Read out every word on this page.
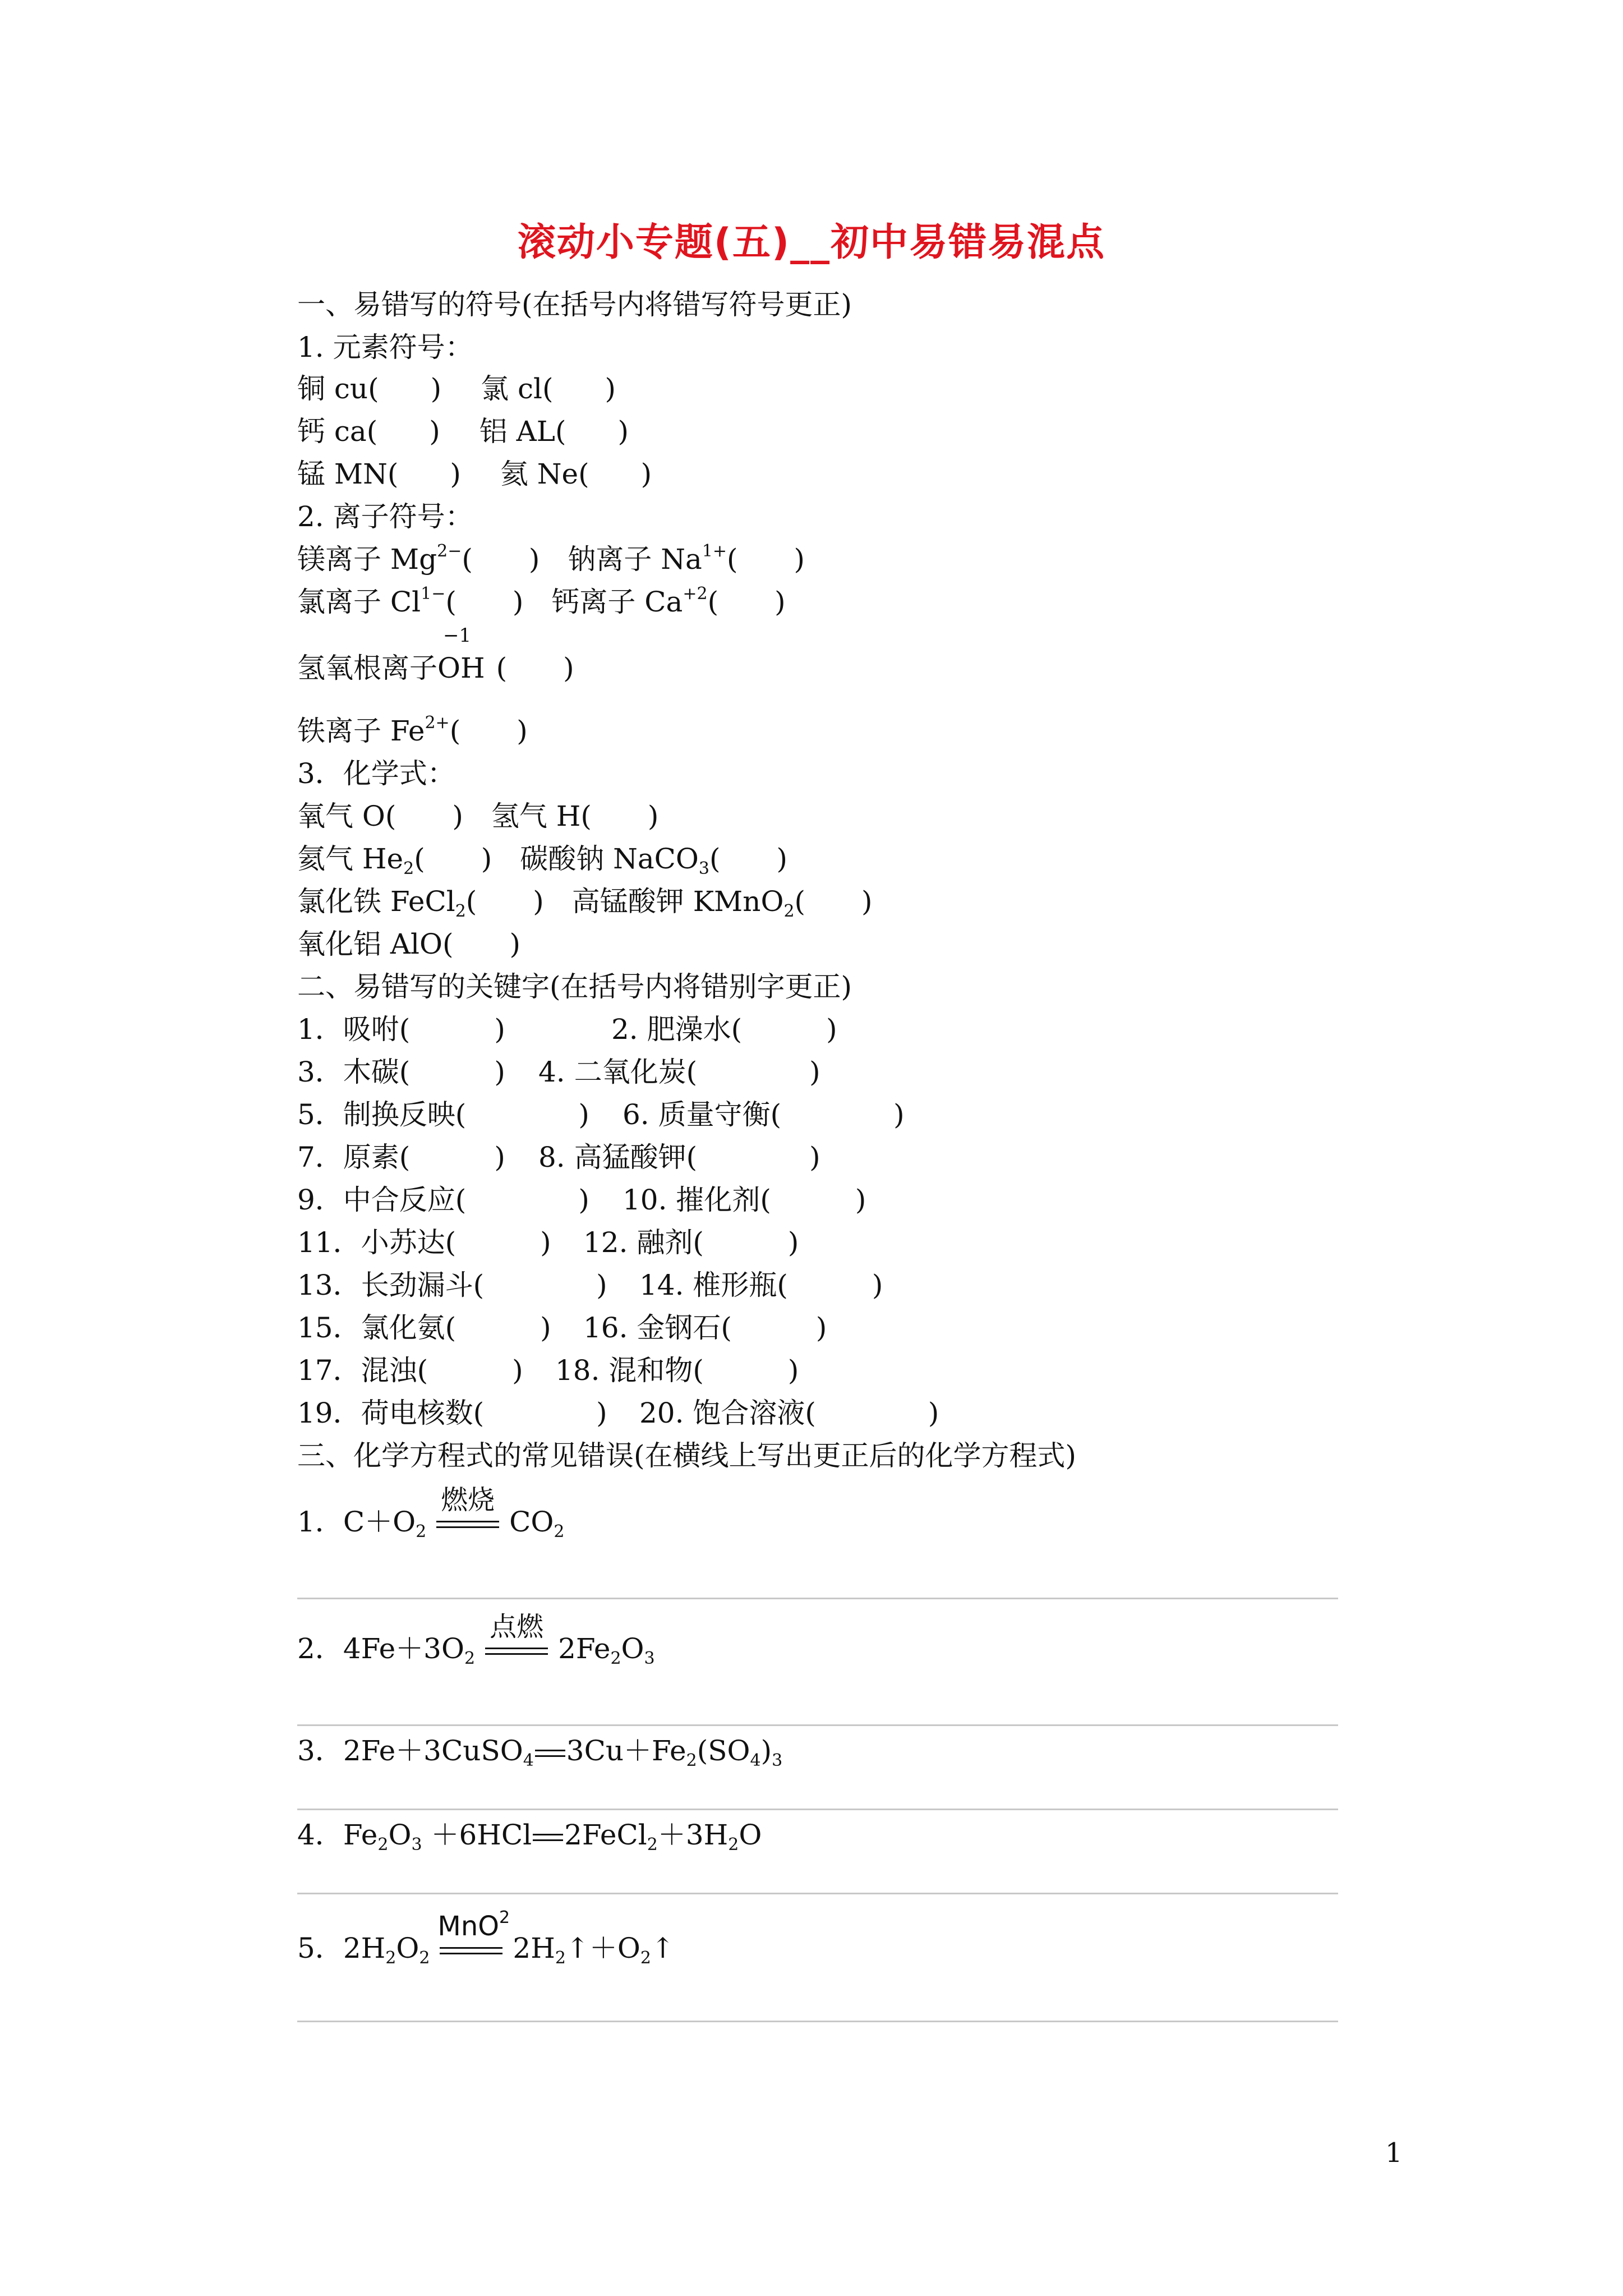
滚动小专题(五)__初中易错易混点
一、易错写的符号(在括号内将错写符号更正)
1. 元素符号：
铜 cu( ) 氯 cl( )
钙 ca( ) 铝 AL( )
锰 MN( ) 氦 Ne( )
2. 离子符号：
镁离子 $Mg^{2-}$(　　) 钠离子 $Na^{1+}$(　　)
氯离子 $Cl^{1-}$(　　) 钙离子 $Ca^{+2}$(　　)
氢氧根离子
−1
OH (　　)
铁离子 $Fe^{2+}$(　　)
3．化学式：
氧气 O(　　)　氢气 H(　　)
氦气 $He_2$(　　)　碳酸钠 NaCO$_3$(　　)
氯化铁 FeCl$_2$(　　)　高锰酸钾 KMnO$_2$(　　)
氧化铝 AlO(　　)
二、易错写的关键字(在括号内将错别字更正)
1．吸咐(　　　)	2. 肥澡水(　　　)
3．木碳(　　　) 4. 二氧化炭(　　　　)
5．制换反映(　　　　) 6. 质量守衡(　　　　)
7．原素(　　　) 8. 高猛酸钾(　　　　)
9．中合反应(　　　　) 10. 摧化剂(　　　)
11．小苏达(　　　) 12. 融剂(　　　)
13．长劲漏斗(　　　　) 14. 椎形瓶(　　　)
15．氯化氨(　　　) 16. 金钢石(　　　)
17．混浊(　　　) 18. 混和物(　　　)
19．荷电核数(　　　　) 20. 饱合溶液(　　　　)
三、化学方程式的常见错误(在横线上写出更正后的化学方程式)
1．$C+O_2$
燃烧
$CO_2$
2．$4Fe+3O_2$
点燃
$2Fe_2O_3$
3．2Fe＋3CuSO$_4$ $3Cu+Fe_2(SO_4)_3$
4．$Fe_2O_3 +6HCl$ $2FeCl_2+3H_2O$
5．$2H_2O_2$
MnO$^2$
$2H_2↑+O_2↑$
1
